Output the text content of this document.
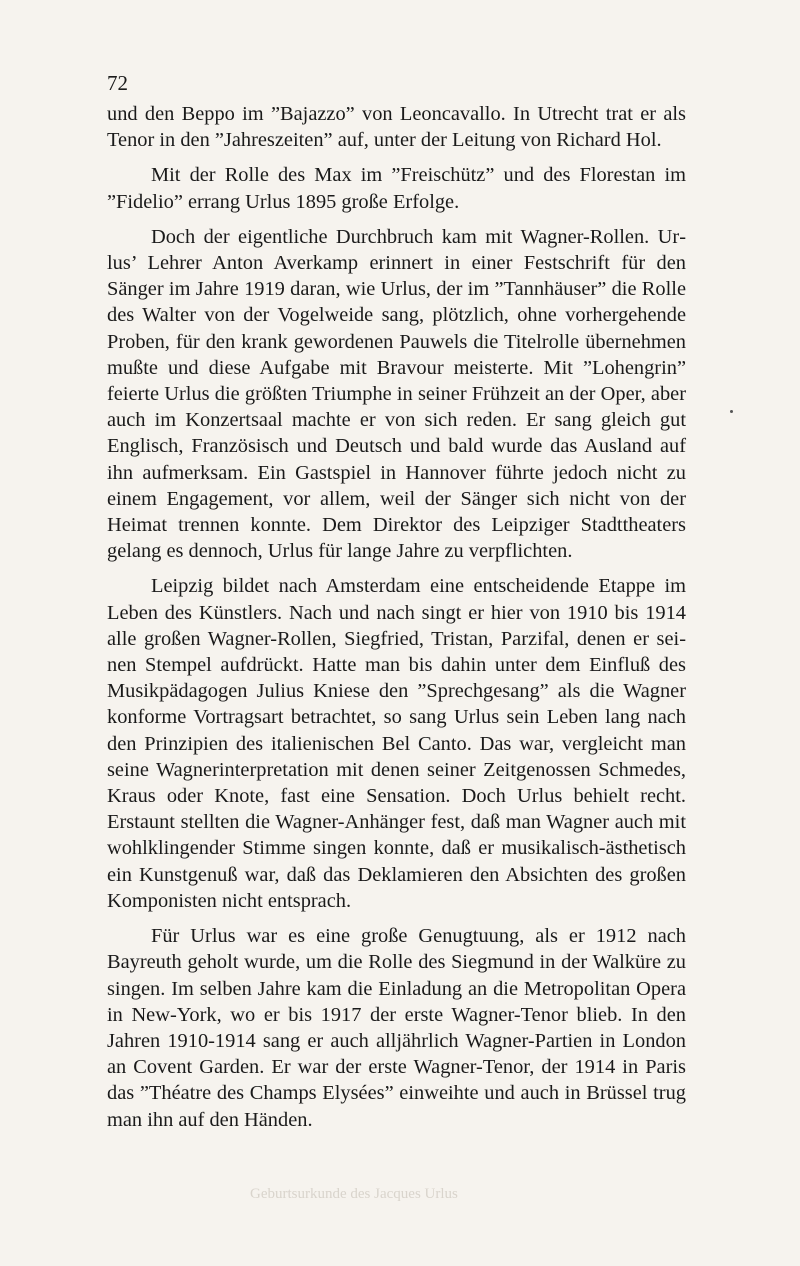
72

und den Beppo im ”Bajazzo” von Leoncavallo. In Utrecht trat er als Tenor in den ”Jahreszeiten” auf, unter der Leitung von Richard Hol.

Mit der Rolle des Max im ”Freischütz” und des Florestan im ”Fidelio” errang Urlus 1895 große Erfolge.

Doch der eigentliche Durchbruch kam mit Wagner-Rollen. Urlus’ Lehrer Anton Averkamp erinnert in einer Festschrift für den Sänger im Jahre 1919 daran, wie Urlus, der im ”Tannhäuser” die Rolle des Walter von der Vogelweide sang, plötzlich, ohne vorhergehende Proben, für den krank gewordenen Pauwels die Titelrolle übernehmen mußte und diese Aufgabe mit Bravour meisterte. Mit ”Lohengrin” feierte Urlus die größten Triumphe in seiner Frühzeit an der Oper, aber auch im Konzertsaal machte er von sich reden. Er sang gleich gut Englisch, Französisch und Deutsch und bald wurde das Ausland auf ihn aufmerksam. Ein Gastspiel in Hannover führte jedoch nicht zu einem Engagement, vor allem, weil der Sänger sich nicht von der Heimat trennen konnte. Dem Direktor des Leipziger Stadttheaters gelang es dennoch, Urlus für lange Jahre zu verpflichten.

Leipzig bildet nach Amsterdam eine entscheidende Etappe im Leben des Künstlers. Nach und nach singt er hier von 1910 bis 1914 alle großen Wagner-Rollen, Siegfried, Tristan, Parzifal, denen er seinen Stempel aufdrückt. Hatte man bis dahin unter dem Einfluß des Musikpädagogen Julius Kniese den ”Sprechgesang” als die Wagner konforme Vortragsart betrachtet, so sang Urlus sein Leben lang nach den Prinzipien des italienischen Bel Canto. Das war, vergleicht man seine Wagnerinterpretation mit denen seiner Zeitgenossen Schmedes, Kraus oder Knote, fast eine Sensation. Doch Urlus behielt recht. Erstaunt stellten die Wagner-Anhänger fest, daß man Wagner auch mit wohlklingender Stimme singen konnte, daß er musikalisch-ästhetisch ein Kunstgenuß war, daß das Deklamieren den Absichten des großen Komponisten nicht entsprach.

Für Urlus war es eine große Genugtuung, als er 1912 nach Bayreuth geholt wurde, um die Rolle des Siegmund in der Walküre zu singen. Im selben Jahre kam die Einladung an die Metropolitan Opera in New-York, wo er bis 1917 der erste Wagner-Tenor blieb. In den Jahren 1910-1914 sang er auch alljährlich Wagner-Partien in London an Covent Garden. Er war der erste Wagner-Tenor, der 1914 in Paris das ”Théatre des Champs Elysées” einweihte und auch in Brüssel trug man ihn auf den Händen.

Geburtsurkunde des Jacques Urlus
